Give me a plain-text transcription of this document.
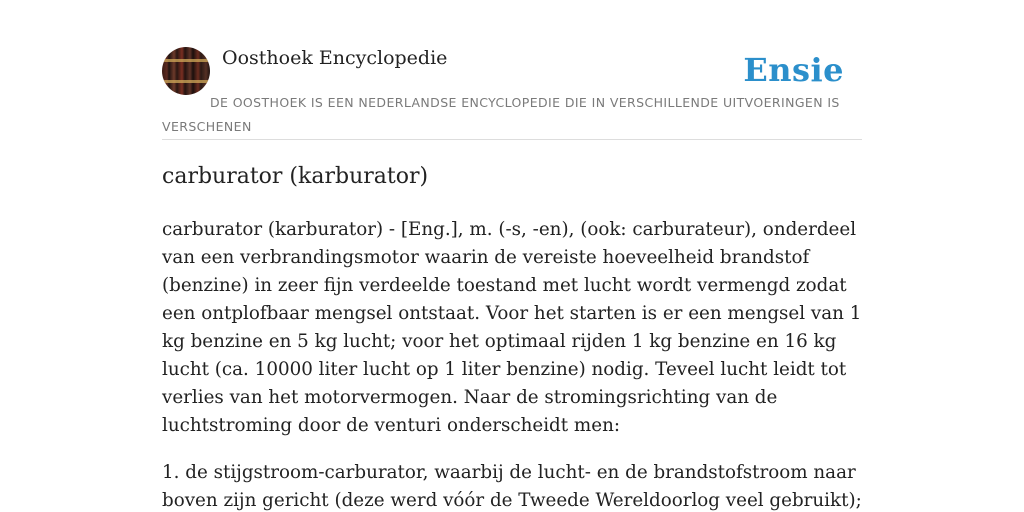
Oosthoek Encyclopedie	Ensie
DE OOSTHOEK IS EEN NEDERLANDSE ENCYCLOPEDIE DIE IN VERSCHILLENDE UITVOERINGEN IS VERSCHENEN
carburator (karburator)

carburator (karburator) - [Eng.], m. (-s, -en), (ook: carburateur), onderdeel van een verbrandingsmotor waarin de vereiste hoeveelheid brandstof (benzine) in zeer fijn verdeelde toestand met lucht wordt vermengd zodat een ontplofbaar mengsel ontstaat. Voor het starten is er een mengsel van 1 kg benzine en 5 kg lucht; voor het optimaal rijden 1 kg benzine en 16 kg lucht (ca. 10000 liter lucht op 1 liter benzine) nodig. Teveel lucht leidt tot verlies van het motorvermogen. Naar de stromingsrichting van de luchtstroming door de venturi onderscheidt men:

1. de stijgstroom-carburator, waarbij de lucht- en de brandstofstroom naar boven zijn gericht (deze werd vóór de Tweede Wereldoorlog veel gebruikt);
